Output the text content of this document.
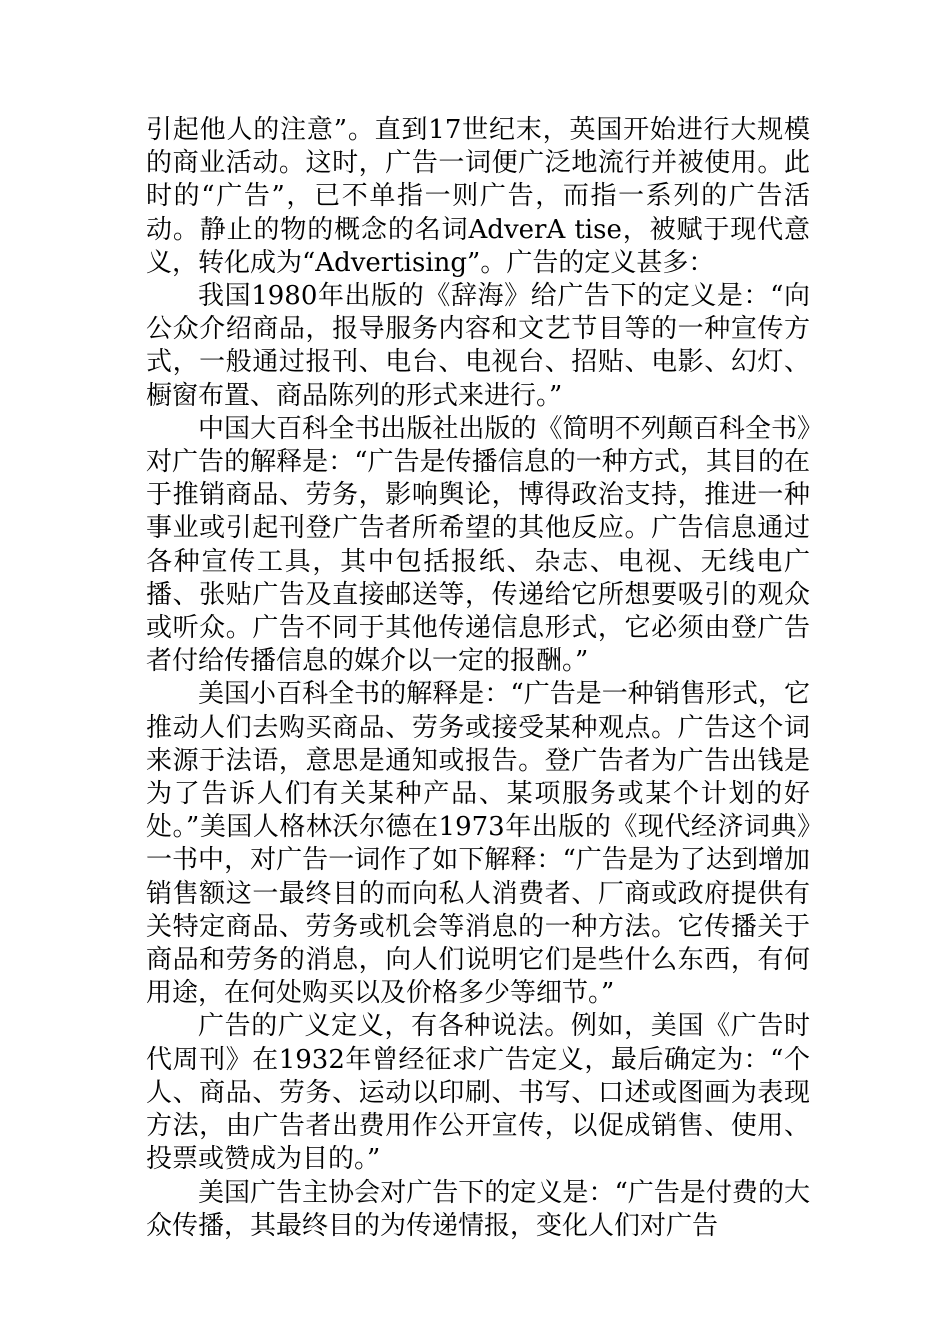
引起他人的注意”。直到17世纪末，英国开始进行大规模的商业活动。这时，广告一词便广泛地流行并被使用。此时的“广告”，已不单指一则广告，而指一系列的广告活动。静止的物的概念的名词AdverA tise，被赋于现代意义，转化成为“Advertising”。广告的定义甚多：

我国1980年出版的《辞海》给广告下的定义是：“向公众介绍商品，报导服务内容和文艺节目等的一种宣传方式，一般通过报刊、电台、电视台、招贴、电影、幻灯、橱窗布置、商品陈列的形式来进行。”

中国大百科全书出版社出版的《简明不列颠百科全书》对广告的解释是：“广告是传播信息的一种方式，其目的在于推销商品、劳务，影响舆论，博得政治支持，推进一种事业或引起刊登广告者所希望的其他反应。广告信息通过各种宣传工具，其中包括报纸、杂志、电视、无线电广播、张贴广告及直接邮送等，传递给它所想要吸引的观众或听众。广告不同于其他传递信息形式，它必须由登广告者付给传播信息的媒介以一定的报酬。”

美国小百科全书的解释是：“广告是一种销售形式，它推动人们去购买商品、劳务或接受某种观点。广告这个词来源于法语，意思是通知或报告。登广告者为广告出钱是为了告诉人们有关某种产品、某项服务或某个计划的好处。”美国人格林沃尔德在1973年出版的《现代经济词典》一书中，对广告一词作了如下解释：“广告是为了达到增加销售额这一最终目的而向私人消费者、厂商或政府提供有关特定商品、劳务或机会等消息的一种方法。它传播关于商品和劳务的消息，向人们说明它们是些什么东西，有何用途，在何处购买以及价格多少等细节。”

广告的广义定义，有各种说法。例如，美国《广告时代周刊》在1932年曾经征求广告定义，最后确定为：“个人、商品、劳务、运动以印刷、书写、口述或图画为表现方法，由广告者出费用作公开宣传，以促成销售、使用、投票或赞成为目的。”

美国广告主协会对广告下的定义是：“广告是付费的大众传播，其最终目的为传递情报，变化人们对广告
